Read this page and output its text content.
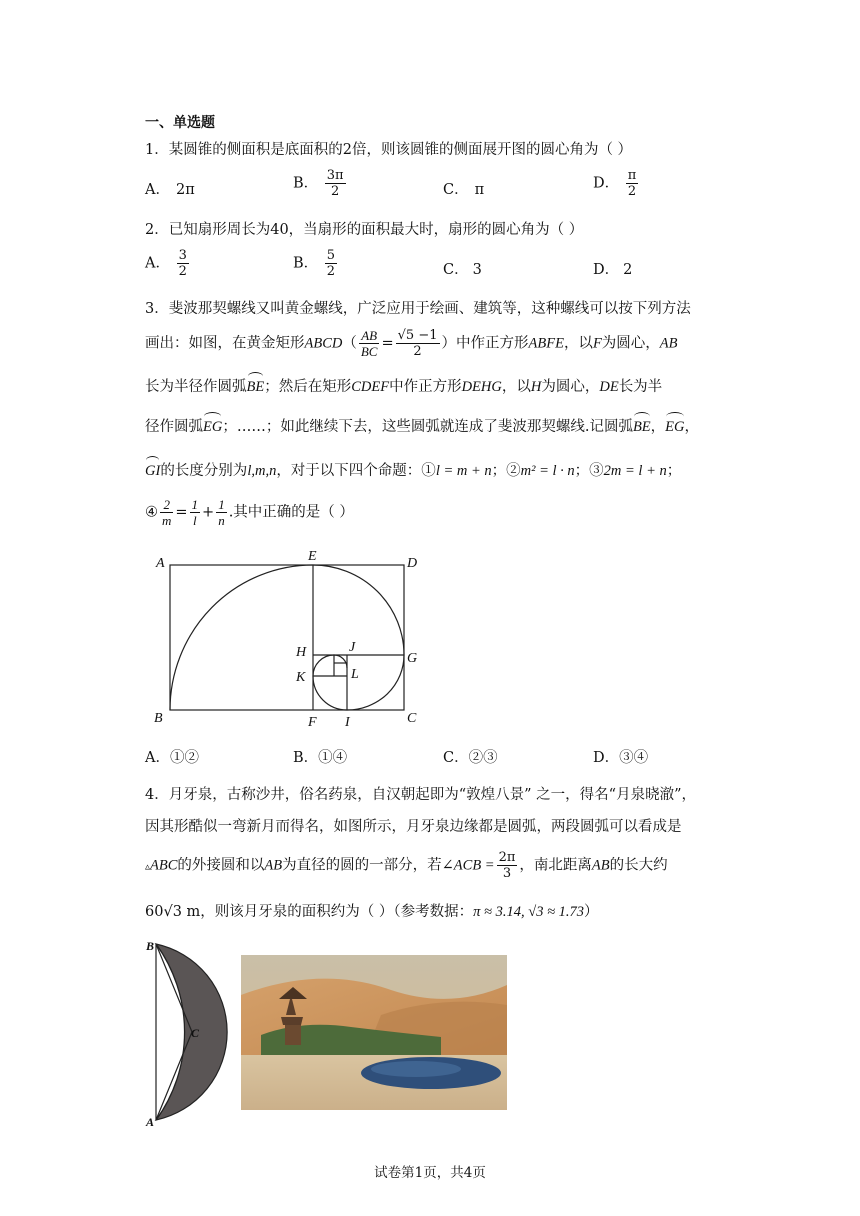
一、单选题
1．某圆锥的侧面积是底面积的2倍，则该圆锥的侧面展开图的圆心角为（ ）
A． 2π	B． $\frac{3\pi}{2}$	C． π	D． $\frac{\pi}{2}$
2．已知扇形周长为40，当扇形的面积最大时，扇形的圆心角为（ ）
A． $\frac{3}{2}$	B． $\frac{5}{2}$	C． 3	D． 2
3．斐波那契螺线又叫黄金螺线，广泛应用于绘画、建筑等，这种螺线可以按下列方法
画出：如图，在黄金矩形ABCD（ $\frac{AB}{BC} = \frac{√5 -1}{2}$ ）中作正方形ABFE，以F为圆心，AB
长为半径作圆弧BE；然后在矩形CDEF中作正方形DEHG，以H为圆心，DE长为半
径作圆弧EG；……；如此继续下去，这些圆弧就连成了斐波那契螺线.记圆弧BE，EG，
GI的长度分别为l,m,n，对于以下四个命题：①l = m + n；②m² = l · n；③2m = l + n；
④ $\frac{2}{m} = \frac{1}{l} + \frac{1}{n}$ .其中正确的是（ ）
A	E	D
H	J
G
K	L
B	F I	C
A．①②	B．①④	C．②③	D．③④
4．月牙泉，古称沙井，俗名药泉，自汉朝起即为“敦煌八景” 之一，得名“月泉晓澈”，
因其形酷似一弯新月而得名，如图所示，月牙泉边缘都是圆弧，两段圆弧可以看成是
▵ABC的外接圆和以AB为直径的圆的一部分，若∠ACB = $\frac{2\pi}{3}$ ，南北距离AB的长大约
60√3 m，则该月牙泉的面积约为（ ）（参考数据：π ≈ 3.14, √3 ≈ 1.73）
B
C
A
试卷第1页，共4页
